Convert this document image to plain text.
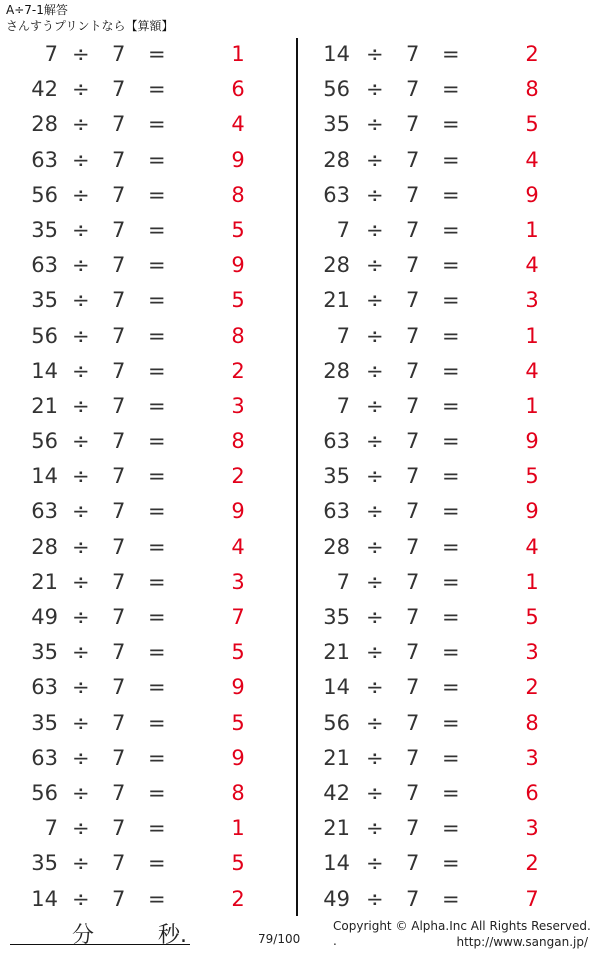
A÷7-1解答
さんすうプリントなら【算額】
7 ÷ 7 =	1
42 ÷ 7 =	6
28 ÷ 7 =	4
63 ÷ 7 =	9
56 ÷ 7 =	8
35 ÷ 7 =	5
63 ÷ 7 =	9
35 ÷ 7 =	5
56 ÷ 7 =	8
14 ÷ 7 =	2
21 ÷ 7 =	3
56 ÷ 7 =	8
14 ÷ 7 =	2
63 ÷ 7 =	9
28 ÷ 7 =	4
21 ÷ 7 =	3
49 ÷ 7 =	7
35 ÷ 7 =	5
63 ÷ 7 =	9
35 ÷ 7 =	5
63 ÷ 7 =	9
56 ÷ 7 =	8
7 ÷ 7 =	1
35 ÷ 7 =	5
14 ÷ 7 =	2
14 ÷ 7 =	2
56 ÷ 7 =	8
35 ÷ 7 =	5
28 ÷ 7 =	4
63 ÷ 7 =	9
7 ÷ 7 =	1
28 ÷ 7 =	4
21 ÷ 7 =	3
7 ÷ 7 =	1
28 ÷ 7 =	4
7 ÷ 7 =	1
63 ÷ 7 =	9
35 ÷ 7 =	5
63 ÷ 7 =	9
28 ÷ 7 =	4
7 ÷ 7 =	1
35 ÷ 7 =	5
21 ÷ 7 =	3
14 ÷ 7 =	2
56 ÷ 7 =	8
21 ÷ 7 =	3
42 ÷ 7 =	6
21 ÷ 7 =	3
14 ÷ 7 =	2
49 ÷ 7 =	7
分	秒.	79/100
Copyright © Alpha.Inc All Rights Reserved.
.	http://www.sangan.jp/
